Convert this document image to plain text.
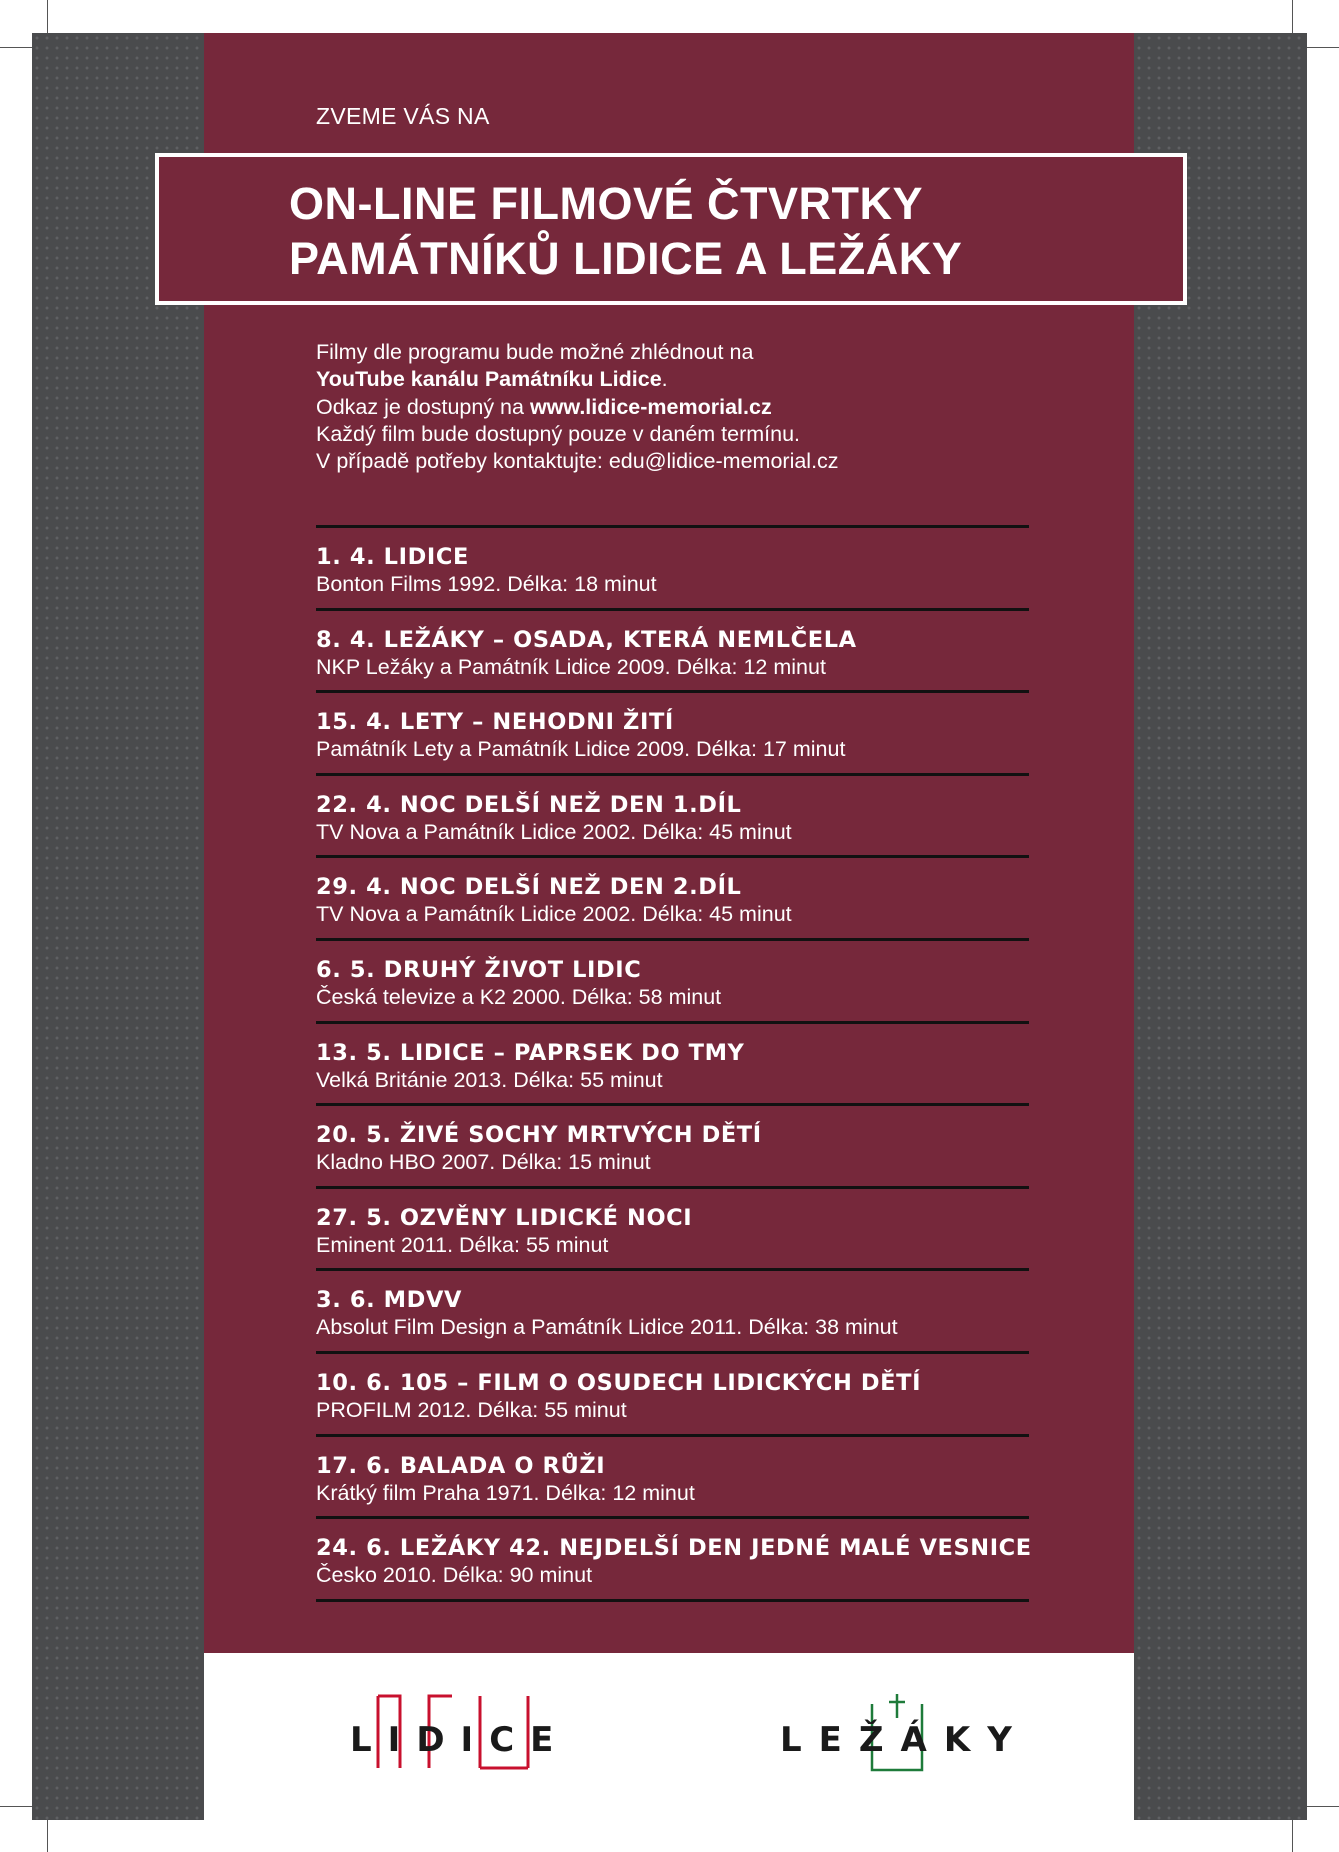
ZVEME VÁS NA
ON-LINE FILMOVÉ ČTVRTKY
PAMÁTNÍKŮ LIDICE A LEŽÁKY
Filmy dle programu bude možné zhlédnout na
YouTube kanálu Památníku Lidice.
Odkaz je dostupný na www.lidice-memorial.cz
Každý film bude dostupný pouze v daném termínu.
V případě potřeby kontaktujte: edu@lidice-memorial.cz
1. 4. LIDICE
Bonton Films 1992. Délka: 18 minut
8. 4. LEŽÁKY – OSADA, KTERÁ NEMLČELA
NKP Ležáky a Památník Lidice 2009. Délka: 12 minut
15. 4. LETY – NEHODNI ŽITÍ
Památník Lety a Památník Lidice 2009. Délka: 17 minut
22. 4. NOC DELŠÍ NEŽ DEN 1.DÍL
TV Nova a Památník Lidice 2002. Délka: 45 minut
29. 4. NOC DELŠÍ NEŽ DEN 2.DÍL
TV Nova a Památník Lidice 2002. Délka: 45 minut
6. 5. DRUHÝ ŽIVOT LIDIC
Česká televize a K2 2000. Délka: 58 minut
13. 5. LIDICE – PAPRSEK DO TMY
Velká Británie 2013. Délka: 55 minut
20. 5. ŽIVÉ SOCHY MRTVÝCH DĚTÍ
Kladno HBO 2007. Délka: 15 minut
27. 5. OZVĚNY LIDICKÉ NOCI
Eminent 2011. Délka: 55 minut
3. 6. MDVV
Absolut Film Design a Památník Lidice 2011. Délka: 38 minut
10. 6. 105 – FILM O OSUDECH LIDICKÝCH DĚTÍ
PROFILM 2012. Délka: 55 minut
17. 6. BALADA O RŮŽI
Krátký film Praha 1971. Délka: 12 minut
24. 6. LEŽÁKY 42. NEJDELŠÍ DEN JEDNÉ MALÉ VESNICE
Česko 2010. Délka: 90 minut
LIDICE	LEŽÁKY
